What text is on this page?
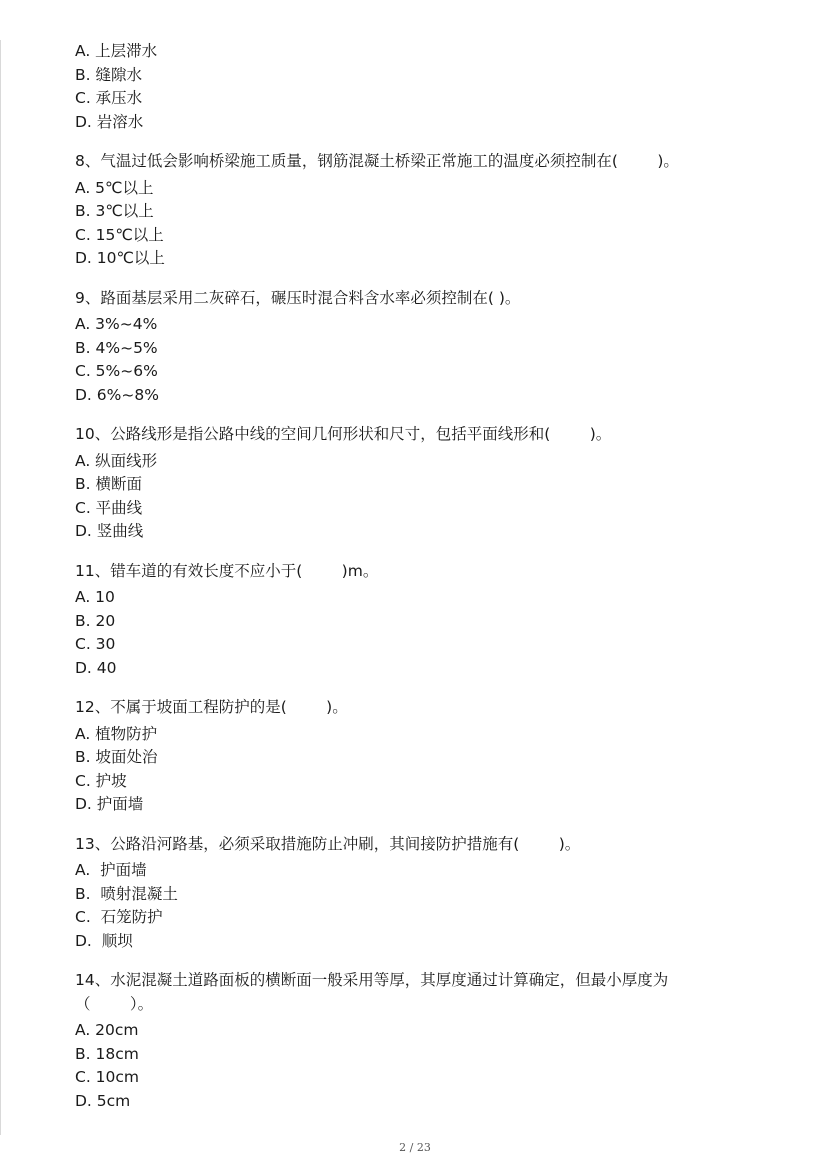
A. 上层滞水
B. 缝隙水
C. 承压水
D. 岩溶水
8、气温过低会影响桥梁施工质量，钢筋混凝土桥梁正常施工的温度必须控制在(        )。
A. 5℃以上
B. 3℃以上
C. 15℃以上
D. 10℃以上
9、路面基层采用二灰碎石，碾压时混合料含水率必须控制在( )。
A. 3%~4%
B. 4%~5%
C. 5%~6%
D. 6%~8%
10、公路线形是指公路中线的空间几何形状和尺寸，包括平面线形和(        )。
A. 纵面线形
B. 横断面
C. 平曲线
D. 竖曲线
11、错车道的有效长度不应小于(        )m。
A. 10
B. 20
C. 30
D. 40
12、不属于坡面工程防护的是(        )。
A. 植物防护
B. 坡面处治
C. 护坡
D. 护面墙
13、公路沿河路基，必须采取措施防止冲刷，其间接防护措施有(        )。
A.  护面墙
B.  喷射混凝土
C.  石笼防护
D.  顺坝
14、水泥混凝土道路面板的横断面一般采用等厚，其厚度通过计算确定，但最小厚度为
（        ）。
A. 20cm
B. 18cm
C. 10cm
D. 5cm
2 / 23
